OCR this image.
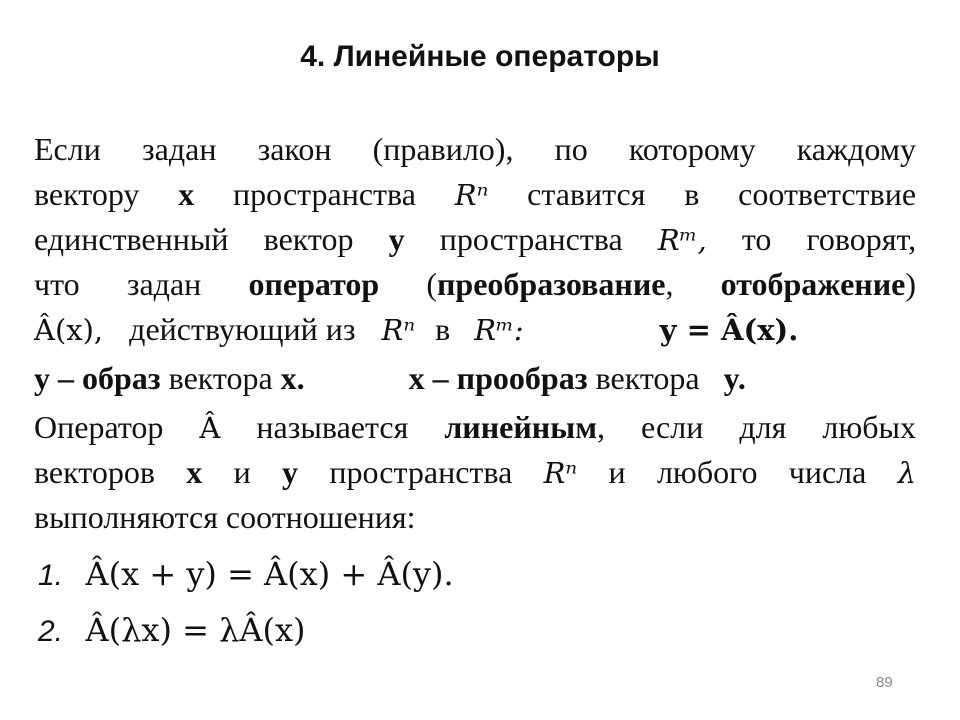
4. Линейные операторы
Если задан закон (правило), по которому каждому
вектору x пространства Rⁿ ставится в соответствие
единственный вектор y пространства Rᵐ, то говорят,
что задан оператор (преобразование, отображение)
Â(x), действующий из Rⁿ в Rᵐ:	y = Â(x).
y – образ вектора x.	x – прообраз вектора y.
Оператор Â называется линейным, если для любых
векторов x и y пространства Rⁿ и любого числа λ
выполняются соотношения:
1. Â(x + y) = Â(x) + Â(y).
2. Â(λx) = λÂ(x)
89
